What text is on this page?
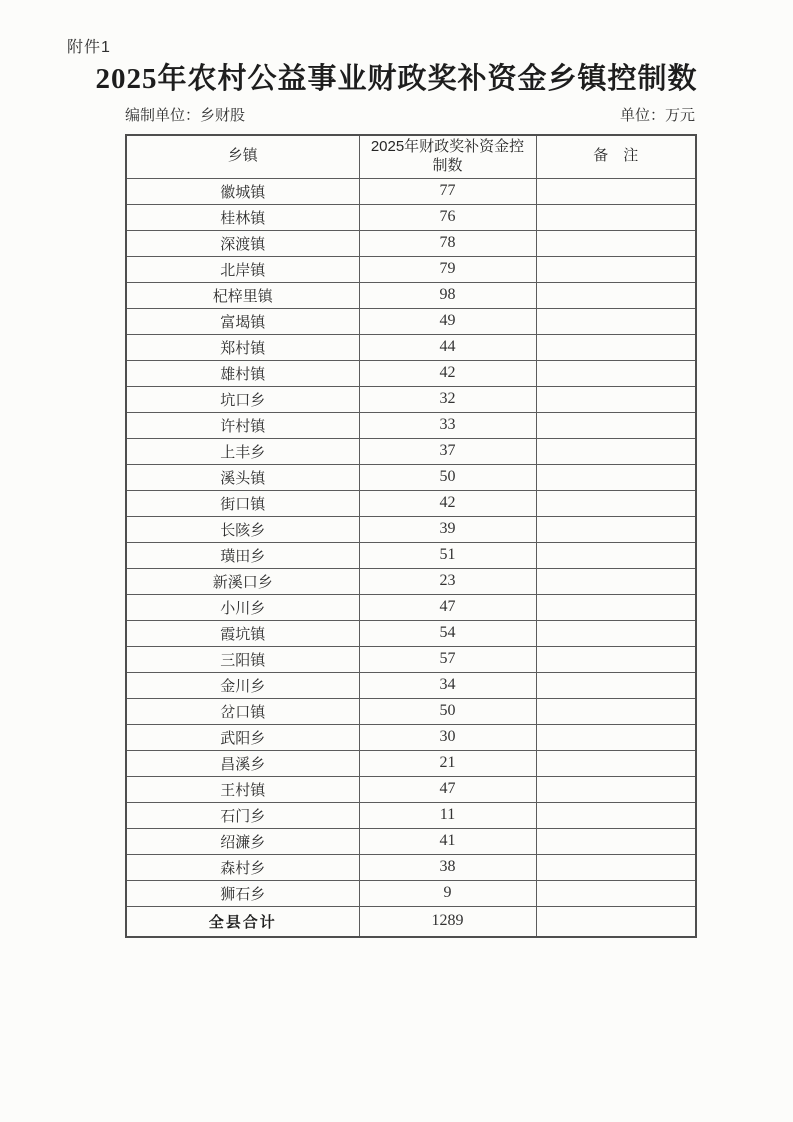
附件1
2025年农村公益事业财政奖补资金乡镇控制数
编制单位：乡财股	单位：万元
乡镇	2025年财政奖补资金控制数	备　注
徽城镇	77	
桂林镇	76	
深渡镇	78	
北岸镇	79	
杞梓里镇	98	
富堨镇	49	
郑村镇	44	
雄村镇	42	
坑口乡	32	
许村镇	33	
上丰乡	37	
溪头镇	50	
街口镇	42	
长陔乡	39	
璜田乡	51	
新溪口乡	23	
小川乡	47	
霞坑镇	54	
三阳镇	57	
金川乡	34	
岔口镇	50	
武阳乡	30	
昌溪乡	21	
王村镇	47	
石门乡	11	
绍濂乡	41	
森村乡	38	
狮石乡	9	
全县合计	1289	
